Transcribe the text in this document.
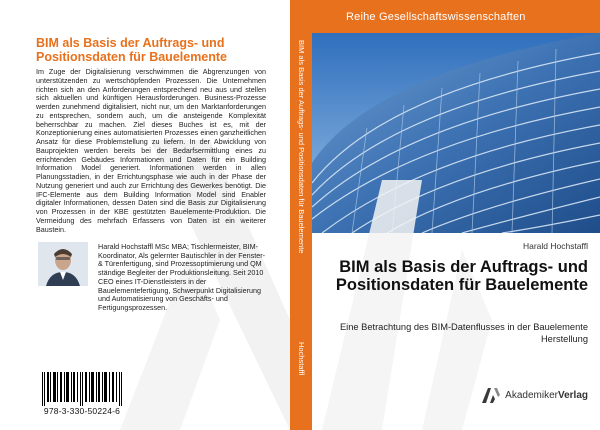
BIM als Basis der Auftrags- und Positionsdaten für Bauelemente

Im Zuge der Digitalisierung verschwimmen die Abgrenzungen von unterstützenden zu wertschöpfenden Prozessen. Die Unternehmen richten sich an den Anforderungen entsprechend neu aus und stellen sich aktuellen und künftigen Herausforderungen. Business-Prozesse werden zunehmend digitalisiert, nicht nur, um den Marktanforderungen zu entsprechen, sondern auch, um die ansteigende Komplexität beherrschbar zu machen. Ziel dieses Buches ist es, mit der Konzeptionierung eines automatisierten Prozesses einen ganzheitlichen Ansatz für diese Problemstellung zu liefern. In der Abwicklung von Bauprojekten werden bereits bei der Bedarfsermittlung eines zu errichtenden Gebäudes Informationen und Daten für ein Building Information Model generiert. Informationen werden in allen Planungsstadien, in der Errichtungsphase wie auch in der Phase der Nutzung generiert und auch zur Errichtung des Gewerkes benötigt. Die IFC-Elemente aus dem Building Information Model sind Enabler digitaler Informationen, dessen Daten sind die Basis zur Digitalisierung von Prozessen in der KBE gestützten Bauelemente-Produktion. Die Vermeidung des mehrfach Erfassens von Daten ist ein weiterer Baustein.

Harald Hochstaffl MSc MBA; Tischlermeister, BIM-Koordinator, Als gelernter Bautischler in der Fenster- & Türenfertigung, sind Prozessoptimierung und QM ständige Begleiter der Produktionsleitung. Seit 2010 CEO eines IT-Dienstleisters in der Bauelementefertigung, Schwerpunkt Digitalisierung und Automatisierung von Geschäfts- und Fertigungsprozessen.

978-3-330-50224-6
BIM als Basis der Auftrags- und Positionsdaten für Bauelemente
Hochstaffl
Reihe Gesellschaftswissenschaften

Harald Hochstaffl

BIM als Basis der Auftrags- und Positionsdaten für Bauelemente

Eine Betrachtung des BIM-Datenflusses in der Bauelemente Herstellung

AkademikerVerlag
